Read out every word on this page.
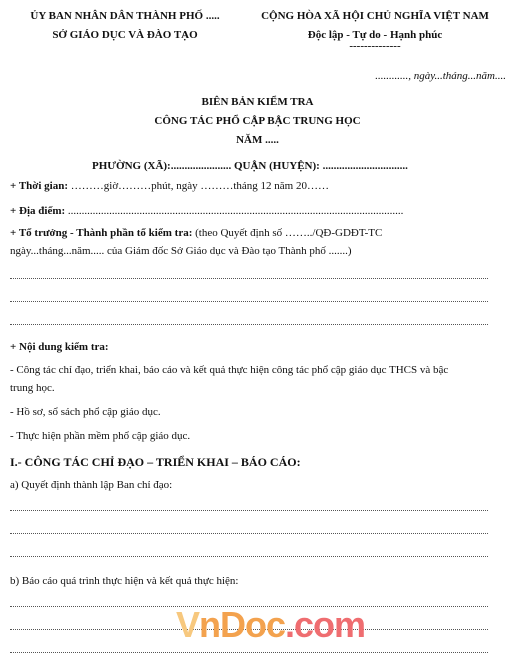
ỦY BAN NHÂN DÂN THÀNH PHỐ .....
SỞ GIÁO DỤC VÀ ĐÀO TẠO
CỘNG HÒA XÃ HỘI CHỦ NGHĨA VIỆT NAM
Độc lập - Tự do - Hạnh phúc
--------------
............, ngày...tháng...năm....
BIÊN BẢN KIỂM TRA
CÔNG TÁC PHỔ CẬP BẬC TRUNG HỌC
NĂM .....
PHƯỜNG (XÃ):...................... QUẬN (HUYỆN): ...............................
+ Thời gian: ………giờ………phút, ngày ………tháng 12 năm 20……
+ Địa điểm: ..........................................................................................................................
+ Tổ trưởng - Thành phần tổ kiểm tra: (theo Quyết định số ……../QĐ-GDĐT-TC
ngày...tháng...năm..... của Giám đốc Sở Giáo dục và Đào tạo Thành phố .......)
+ Nội dung kiểm tra:
- Công tác chỉ đạo, triển khai, báo cáo và kết quả thực hiện công tác phổ cập giáo dục THCS và bậc
trung học.
- Hồ sơ, sổ sách phổ cập giáo dục.
- Thực hiện phần mềm phổ cập giáo dục.
I.- CÔNG TÁC CHỈ ĐẠO – TRIỂN KHAI – BÁO CÁO:
a) Quyết định thành lập Ban chỉ đạo:
b) Báo cáo quá trình thực hiện và kết quả thực hiện:
VnDoc.com
